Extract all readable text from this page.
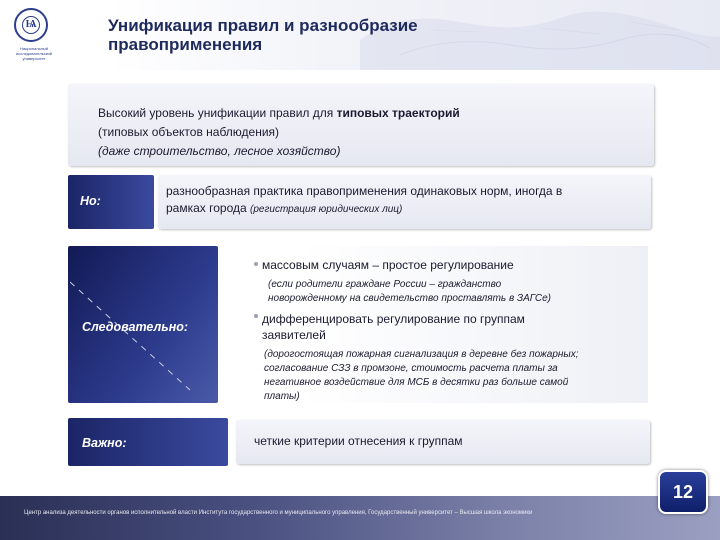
Ѩ
Национальный исследовательский университет
Унификация правил и разнообразие
правоприменения
Высокий уровень унификации правил для типовых траекторий
(типовых объектов наблюдения)
(даже строительство, лесное хозяйство)
Но:
разнообразная практика правоприменения одинаковых норм, иногда в
рамках города (регистрация юридических лиц)
Следовательно:
массовым случаям – простое регулирование
(если родители граждане России – гражданство
новорожденному на свидетельство проставлять в ЗАГСе)
дифференцировать регулирование по группам
заявителей
(дорогостоящая пожарная сигнализация в деревне без пожарных;
согласование СЗЗ в промзоне, стоимость расчета платы за
негативное воздействие для МСБ в десятки раз больше самой
платы)
Важно:	четкие критерии отнесения к группам
Центр анализа деятельности органов исполнительной власти Института государственного и муниципального управления, Государственный университет – Высшая школа экономики
12
